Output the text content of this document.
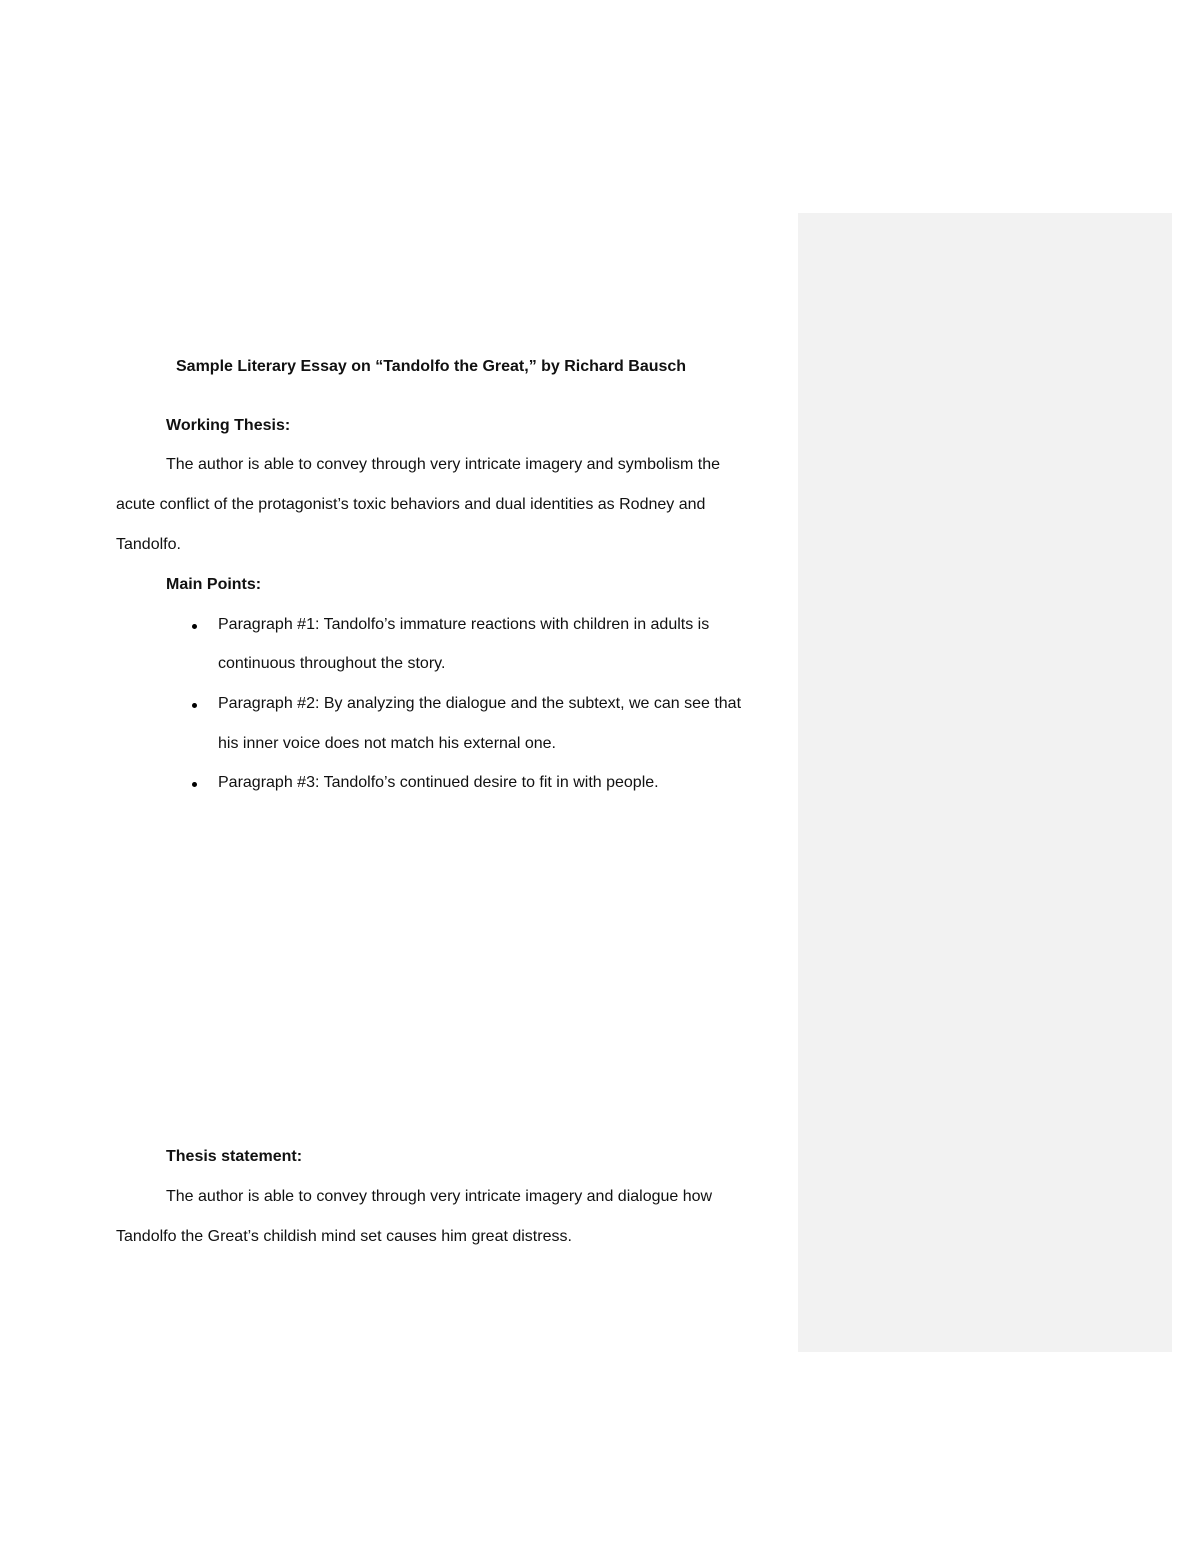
Sample Literary Essay on “Tandolfo the Great,” by Richard Bausch
Working Thesis:
The author is able to convey through very intricate imagery and symbolism the
acute conflict of the protagonist’s toxic behaviors and dual identities as Rodney and
Tandolfo.
Main Points:
Paragraph #1: Tandolfo’s immature reactions with children in adults is
continuous throughout the story.
Paragraph #2: By analyzing the dialogue and the subtext, we can see that
his inner voice does not match his external one.
Paragraph #3: Tandolfo’s continued desire to fit in with people.
Thesis statement:
The author is able to convey through very intricate imagery and dialogue how
Tandolfo the Great’s childish mind set causes him great distress.
